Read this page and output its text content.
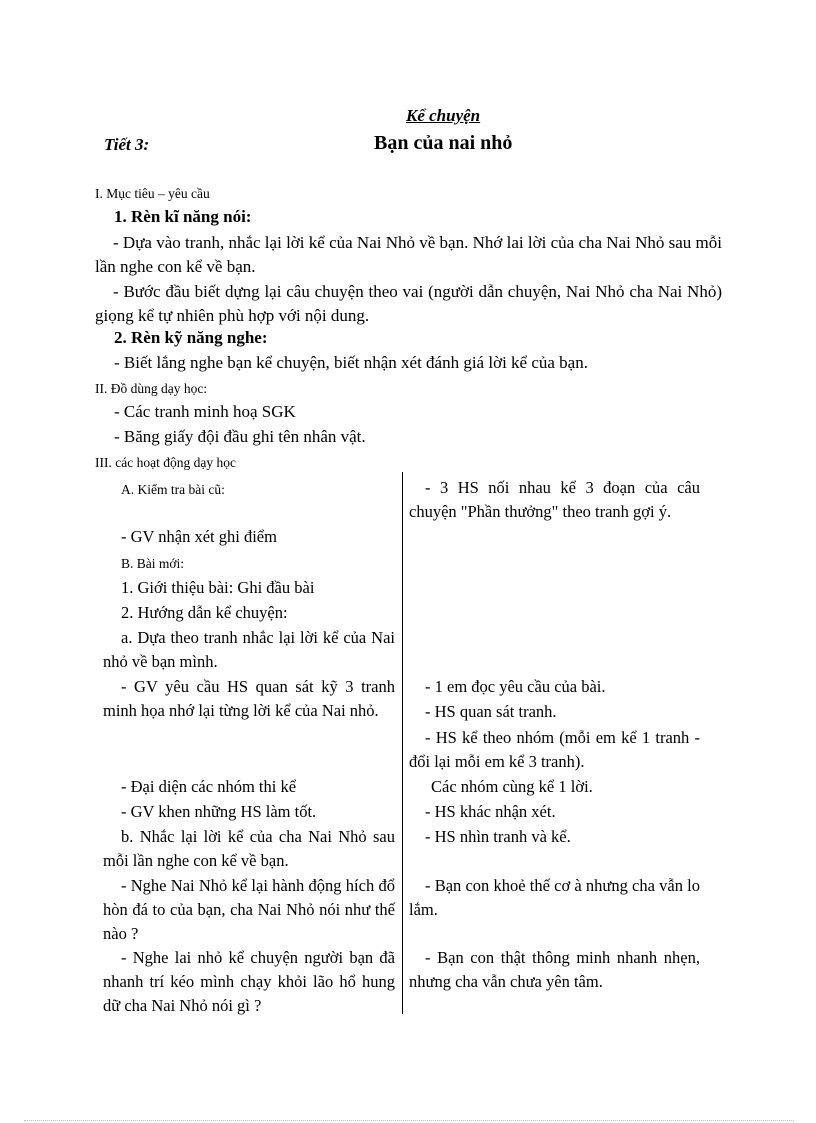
Kể chuyện
Tiết 3:	Bạn của nai nhỏ
I. Mục tiêu – yêu cầu
1. Rèn kĩ năng nói:
- Dựa vào tranh, nhắc lại lời kể của Nai Nhỏ về bạn. Nhớ lai lời của cha Nai Nhỏ sau mỗi lần nghe con kể về bạn.
- Bước đầu biết dựng lại câu chuyện theo vai (người dẫn chuyện, Nai Nhỏ cha Nai Nhỏ) giọng kể tự nhiên phù hợp với nội dung.
2. Rèn kỹ năng nghe:
- Biết lắng nghe bạn kể chuyện, biết nhận xét đánh giá lời kể của bạn.
II. Đồ dùng dạy học:
- Các tranh minh hoạ SGK
- Băng giấy đội đầu ghi tên nhân vật.
III. các hoạt động dạy học
A. Kiểm tra bài cũ:
- GV nhận xét ghi điểm
B. Bài mới:
1. Giới thiệu bài: Ghi đầu bài
2. Hướng dẫn kể chuyện:
a. Dựa theo tranh nhắc lại lời kể của Nai nhỏ về bạn mình.
- GV yêu cầu HS quan sát kỹ 3 tranh minh họa nhớ lại từng lời kể của Nai nhỏ.
- Đại diện các nhóm thi kể
- GV khen những HS làm tốt.
b. Nhắc lại lời kể của cha Nai Nhỏ sau mỗi lần nghe con kể về bạn.
- Nghe Nai Nhỏ kể lại hành động hích đổ hòn đá to của bạn, cha Nai Nhỏ nói như thế nào ?
- Nghe lai nhỏ kể chuyện người bạn đã nhanh trí kéo mình chạy khỏi lão hổ hung dữ cha Nai Nhỏ nói gì ?
- 3 HS nối nhau kể 3 đoạn của câu chuyện "Phần thưởng" theo tranh gợi ý.
- 1 em đọc yêu cầu của bài.
- HS quan sát tranh.
- HS kể theo nhóm (mỗi em kể 1 tranh - đổi lại mỗi em kể 3 tranh).
Các nhóm cùng kể 1 lời.
- HS khác nhận xét.
- HS nhìn tranh và kể.
- Bạn con khoẻ thế cơ à nhưng cha vẫn lo lắm.
- Bạn con thật thông minh nhanh nhẹn, nhưng cha vẫn chưa yên tâm.
